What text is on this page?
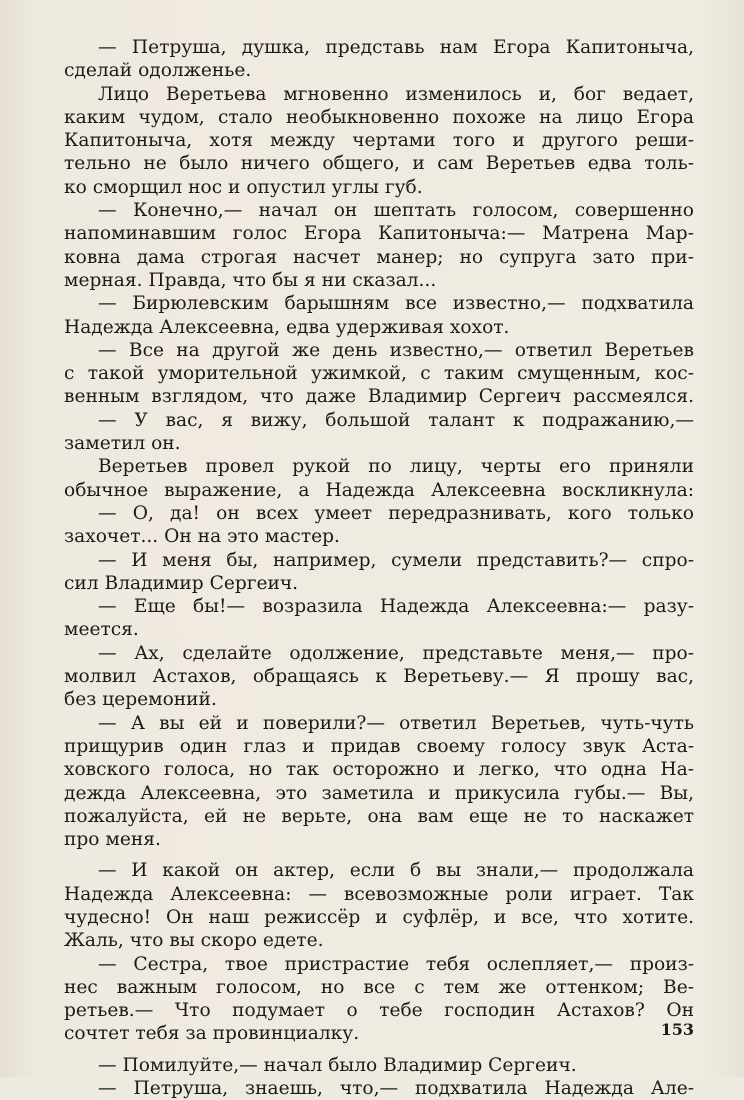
— Петруша, душка, представь нам Егора Капитоныча,
сделай одолженье.
Лицо Веретьева мгновенно изменилось и, бог ведает,
каким чудом, стало необыкновенно похоже на лицо Егора
Капитоныча, хотя между чертами того и другого реши-
тельно не было ничего общего, и сам Веретьев едва толь-
ко сморщил нос и опустил углы губ.
— Конечно,— начал он шептать голосом, совершенно
напоминавшим голос Егора Капитоныча:— Матрена Мар-
ковна дама строгая насчет манер; но супруга зато при-
мерная. Правда, что бы я ни сказал...
— Бирюлевским барышням все известно,— подхватила
Надежда Алексеевна, едва удерживая хохот.
— Все на другой же день известно,— ответил Веретьев
с такой уморительной ужимкой, с таким смущенным, кос-
венным взглядом, что даже Владимир Сергеич рассмеялся.
— У вас, я вижу, большой талант к подражанию,—
заметил он.
Веретьев провел рукой по лицу, черты его приняли
обычное выражение, а Надежда Алексеевна воскликнула:
— О, да! он всех умеет передразнивать, кого только
захочет... Он на это мастер.
— И меня бы, например, сумели представить?— спро-
сил Владимир Сергеич.
— Еще бы!— возразила Надежда Алексеевна:— разу-
меется.
— Ах, сделайте одолжение, представьте меня,— про-
молвил Астахов, обращаясь к Веретьеву.— Я прошу вас,
без церемоний.
— А вы ей и поверили?— ответил Веретьев, чуть-чуть
прищурив один глаз и придав своему голосу звук Аста-
ховского голоса, но так осторожно и легко, что одна На-
дежда Алексеевна, это заметила и прикусила губы.— Вы,
пожалуйста, ей не верьте, она вам еще не то наскажет
про меня.
— И какой он актер, если б вы знали,— продолжала
Надежда Алексеевна: — всевозможные роли играет. Так
чудесно! Он наш режиссёр и суфлёр, и все, что хотите.
Жаль, что вы скоро едете.
— Сестра, твое пристрастие тебя ослепляет,— произ-
нес важным голосом, но все с тем же оттенком; Ве-
ретьев.— Что подумает о тебе господин Астахов? Он
сочтет тебя за провинциалку.
— Помилуйте,— начал было Владимир Сергеич.
— Петруша, знаешь, что,— подхватила Надежда Але-
153
